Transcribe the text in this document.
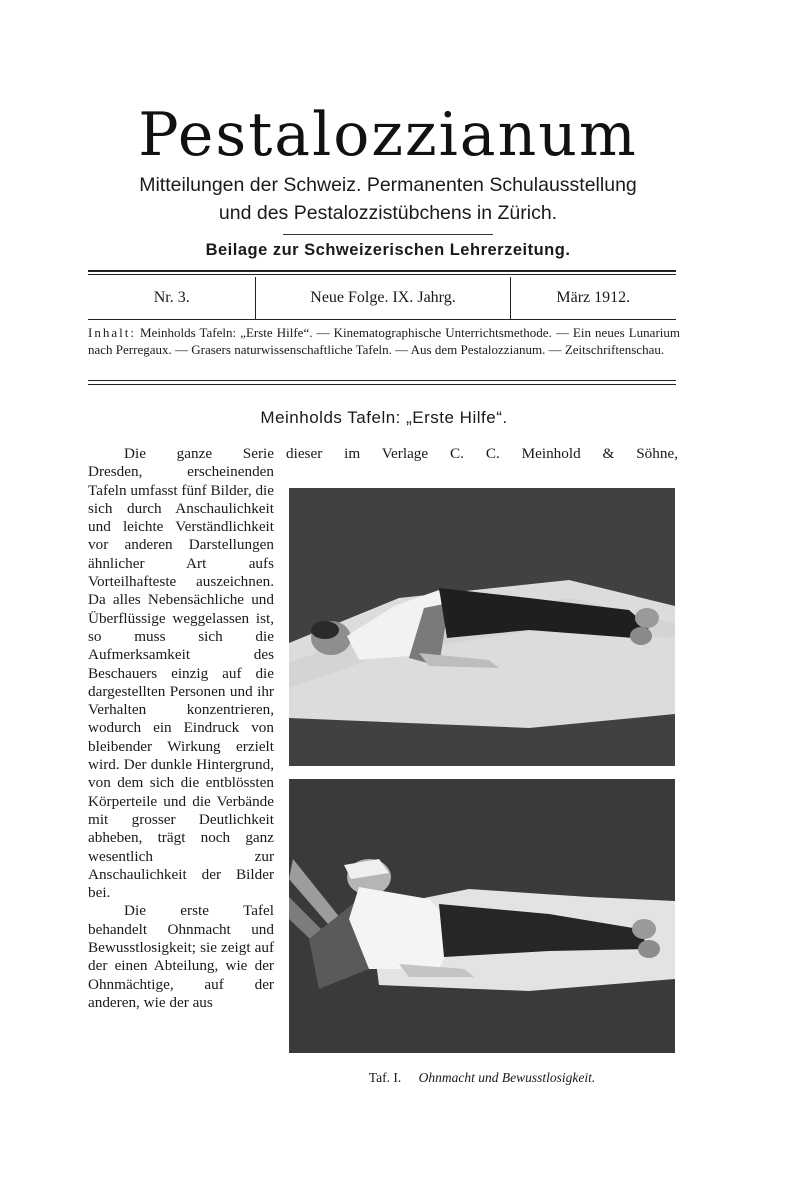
Pestalozzianum
Mitteilungen der Schweiz. Permanenten Schulausstellung
und des Pestalozzistübchens in Zürich.
Beilage zur Schweizerischen Lehrerzeitung.
Nr. 3.	Neue Folge. IX. Jahrg.	März 1912.
Inhalt: Meinholds Tafeln: „Erste Hilfe“. — Kinematographische Unterrichtsmethode. — Ein neues Lunarium nach Perregaux. — Grasers naturwissenschaftliche Tafeln. — Aus dem Pestalozzianum. — Zeitschriftenschau.
Meinholds Tafeln: „Erste Hilfe“.
dieser im Verlage C. C. Meinhold & Söhne,

Die ganze Serie Dresden, erscheinenden Tafeln umfasst fünf Bilder, die sich durch Anschaulichkeit und leichte Verständlichkeit vor anderen Darstellungen ähnlicher Art aufs Vorteilhafteste auszeichnen. Da alles Nebensächliche und Überflüssige weggelassen ist, so muss sich die Aufmerksamkeit des Beschauers einzig auf die dargestellten Personen und ihr Verhalten konzentrieren, wodurch ein Eindruck von bleibender Wirkung erzielt wird. Der dunkle Hintergrund, von dem sich die entblössten Körperteile und die Verbände mit grosser Deutlichkeit abheben, trägt noch ganz wesentlich zur Anschaulichkeit der Bilder bei.

Die erste Tafel behandelt Ohnmacht und Bewusstlosigkeit; sie zeigt auf der einen Abteilung, wie der Ohnmächtige, auf der anderen, wie der aus

Taf. I. Ohnmacht und Bewusstlosigkeit.
